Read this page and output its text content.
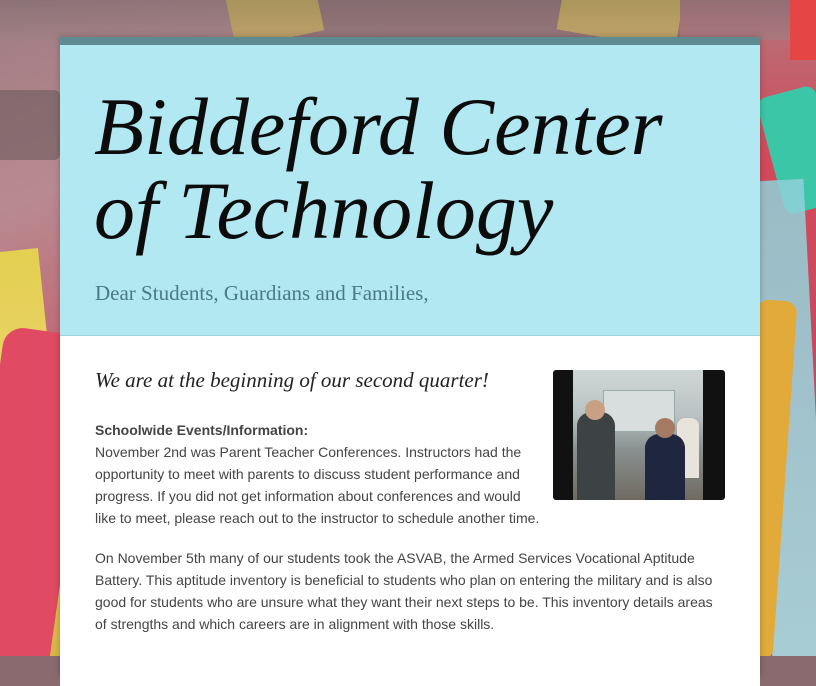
Biddeford Center of Technology
Dear Students, Guardians and Families,
We are at the beginning of our second quarter!
Schoolwide Events/Information:
November 2nd was Parent Teacher Conferences. Instructors had the opportunity to meet with parents to discuss student performance and progress. If you did not get information about conferences and would like to meet, please reach out to the instructor to schedule another time.
On November 5th many of our students took the ASVAB, the Armed Services Vocational Aptitude Battery. This aptitude inventory is beneficial to students who plan on entering the military and is also good for students who are unsure what they want their next steps to be. This inventory details areas of strengths and which careers are in alignment with those skills.
